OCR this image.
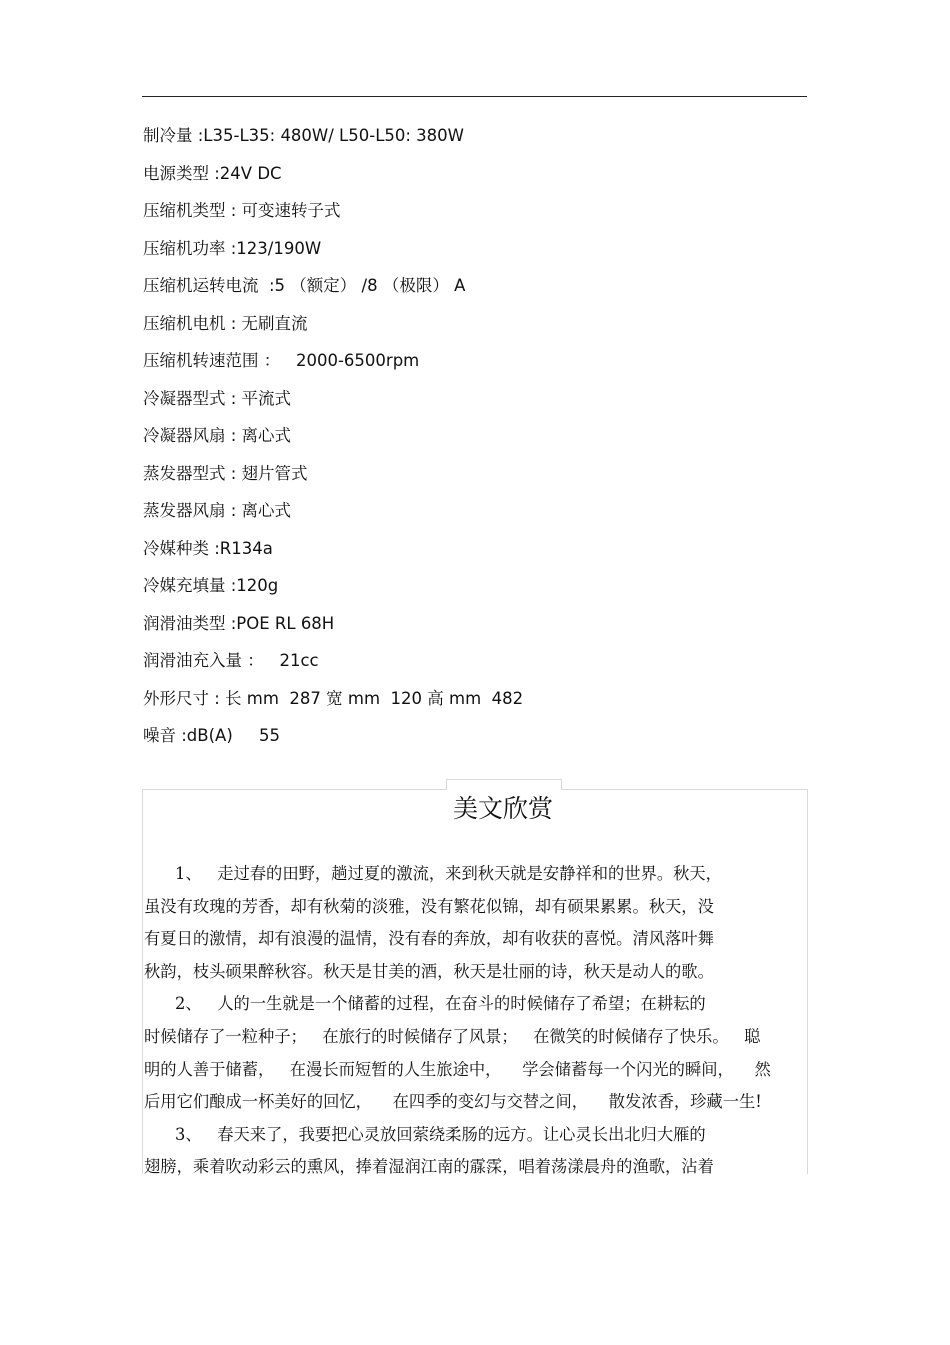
制冷量 :L35-L35: 480W/ L50-L50: 380W
电源类型 :24V DC
压缩机类型 : 可变速转子式
压缩机功率 :123/190W
压缩机运转电流  :5 （额定） /8 （极限） A
压缩机电机 : 无刷直流
压缩机转速范围 ：   2000-6500rpm
冷凝器型式 : 平流式
冷凝器风扇 : 离心式
蒸发器型式 : 翅片管式
蒸发器风扇 : 离心式
冷媒种类 :R134a
冷媒充填量 :120g
润滑油类型 :POE RL 68H
润滑油充入量 ：   21cc
外形尺寸 : 长 mm  287 宽 mm  120 高 mm  482
噪音 :dB(A)     55
美文欣赏
1、   走过春的田野，趟过夏的激流，来到秋天就是安静祥和的世界。秋天，
虽没有玫瑰的芳香，却有秋菊的淡雅，没有繁花似锦，却有硕果累累。秋天，没
有夏日的激情，却有浪漫的温情，没有春的奔放，却有收获的喜悦。清风落叶舞
秋韵，枝头硕果醉秋容。秋天是甘美的酒，秋天是壮丽的诗，秋天是动人的歌。
2、   人的一生就是一个储蓄的过程，在奋斗的时候储存了希望；在耕耘的
时候储存了一粒种子；   在旅行的时候储存了风景；   在微笑的时候储存了快乐。   聪
明的人善于储蓄，   在漫长而短暂的人生旅途中，    学会储蓄每一个闪光的瞬间，    然
后用它们酿成一杯美好的回忆，    在四季的变幻与交替之间，    散发浓香，珍藏一生!
3、   春天来了，我要把心灵放回萦绕柔肠的远方。让心灵长出北归大雁的
翅膀，乘着吹动彩云的熏风，捧着湿润江南的霡霂，唱着荡漾晨舟的渔歌，沾着
